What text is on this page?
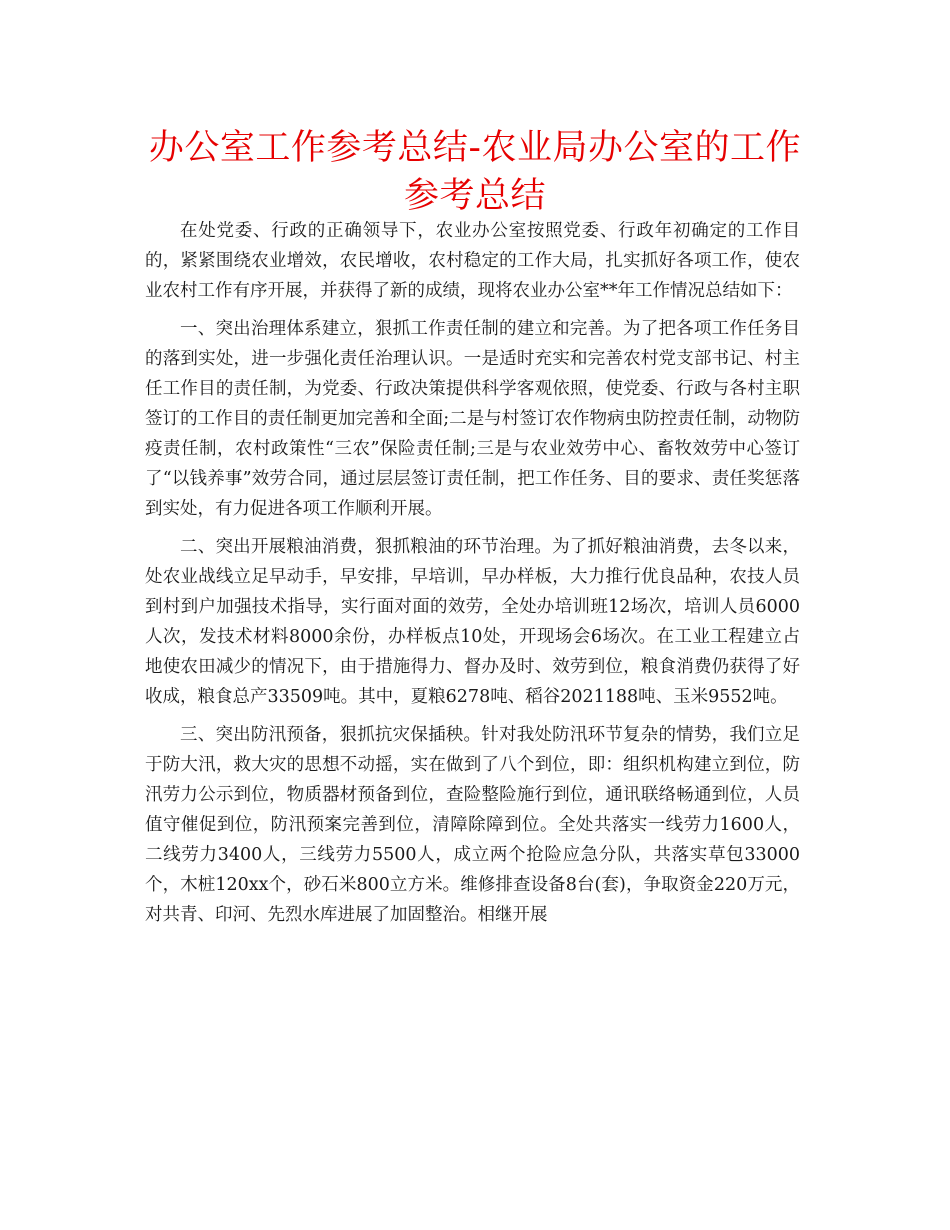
办公室工作参考总结-农业局办公室的工作参考总结

在处党委、行政的正确领导下，农业办公室按照党委、行政年初确定的工作目的，紧紧围绕农业增效，农民增收，农村稳定的工作大局，扎实抓好各项工作，使农业农村工作有序开展，并获得了新的成绩，现将农业办公室**年工作情况总结如下：

一、突出治理体系建立，狠抓工作责任制的建立和完善。为了把各项工作任务目的落到实处，进一步强化责任治理认识。一是适时充实和完善农村党支部书记、村主任工作目的责任制，为党委、行政决策提供科学客观依照，使党委、行政与各村主职签订的工作目的责任制更加完善和全面;二是与村签订农作物病虫防控责任制，动物防疫责任制，农村政策性“三农”保险责任制;三是与农业效劳中心、畜牧效劳中心签订了“以钱养事”效劳合同，通过层层签订责任制，把工作任务、目的要求、责任奖惩落到实处，有力促进各项工作顺利开展。

二、突出开展粮油消费，狠抓粮油的环节治理。为了抓好粮油消费，去冬以来，处农业战线立足早动手，早安排，早培训，早办样板，大力推行优良品种，农技人员到村到户加强技术指导，实行面对面的效劳，全处办培训班12场次，培训人员6000人次，发技术材料8000余份，办样板点10处，开现场会6场次。在工业工程建立占地使农田减少的情况下，由于措施得力、督办及时、效劳到位，粮食消费仍获得了好收成，粮食总产33509吨。其中，夏粮6278吨、稻谷2021188吨、玉米9552吨。

三、突出防汛预备，狠抓抗灾保插秧。针对我处防汛环节复杂的情势，我们立足于防大汛，救大灾的思想不动摇，实在做到了八个到位，即：组织机构建立到位，防汛劳力公示到位，物质器材预备到位，查险整险施行到位，通讯联络畅通到位，人员值守催促到位，防汛预案完善到位，清障除障到位。全处共落实一线劳力1600人，二线劳力3400人，三线劳力5500人，成立两个抢险应急分队，共落实草包33000个，木桩120xx个，砂石米800立方米。维修排查设备8台(套)，争取资金220万元，对共青、印河、先烈水库进展了加固整治。相继开展
